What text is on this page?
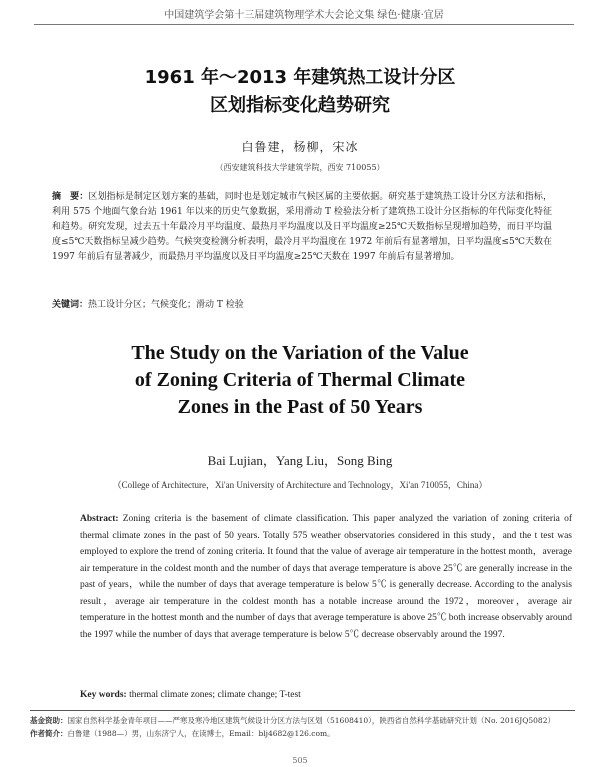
中国建筑学会第十三届建筑物理学术大会论文集 绿色·健康·宜居
1961 年～2013 年建筑热工设计分区
区划指标变化趋势研究
白鲁建，杨柳，宋冰
（西安建筑科技大学建筑学院，西安 710055）
摘　要：区划指标是制定区划方案的基础，同时也是划定城市气候区属的主要依据。研究基于建筑热工设计分区方法和指标，利用 575 个地面气象台站 1961 年以来的历史气象数据，采用滑动 T 检验法分析了建筑热工设计分区指标的年代际变化特征和趋势。研究发现，过去五十年最冷月平均温度、最热月平均温度以及日平均温度≥25℃天数指标呈现增加趋势，而日平均温度≤5℃天数指标呈减少趋势。气候突变检测分析表明，最冷月平均温度在 1972 年前后有显著增加，日平均温度≤5℃天数在 1997 年前后有显著减少，而最热月平均温度以及日平均温度≥25℃天数在 1997 年前后有显著增加。
关键词：热工设计分区；气候变化；滑动 T 检验
The Study on the Variation of the Value
of Zoning Criteria of Thermal Climate
Zones in the Past of 50 Years
Bai Lujian，Yang Liu，Song Bing
（College of Architecture，Xi'an University of Architecture and Technology，Xi'an 710055，China）
Abstract: Zoning criteria is the basement of climate classification. This paper analyzed the variation of zoning criteria of thermal climate zones in the past of 50 years. Totally 575 weather observatories considered in this study，and the t test was employed to explore the trend of zoning criteria. It found that the value of average air temperature in the hottest month，average air temperature in the coldest month and the number of days that average temperature is above 25℃ are generally increase in the past of years，while the number of days that average temperature is below 5℃ is generally decrease. According to the analysis result，average air temperature in the coldest month has a notable increase around the 1972，moreover，average air temperature in the hottest month and the number of days that average temperature is above 25℃ both increase observably around the 1997 while the number of days that average temperature is below 5℃ decrease observably around the 1997.
Key words: thermal climate zones; climate change; T-test
基金资助：国家自然科学基金青年项目——严寒及寒冷地区建筑气候设计分区方法与区划（51608410），陕西省自然科学基础研究计划（No. 2016JQ5082）
作者简介：白鲁建（1988—）男，山东济宁人，在读博士，Email：blj4682@126.com。
505
